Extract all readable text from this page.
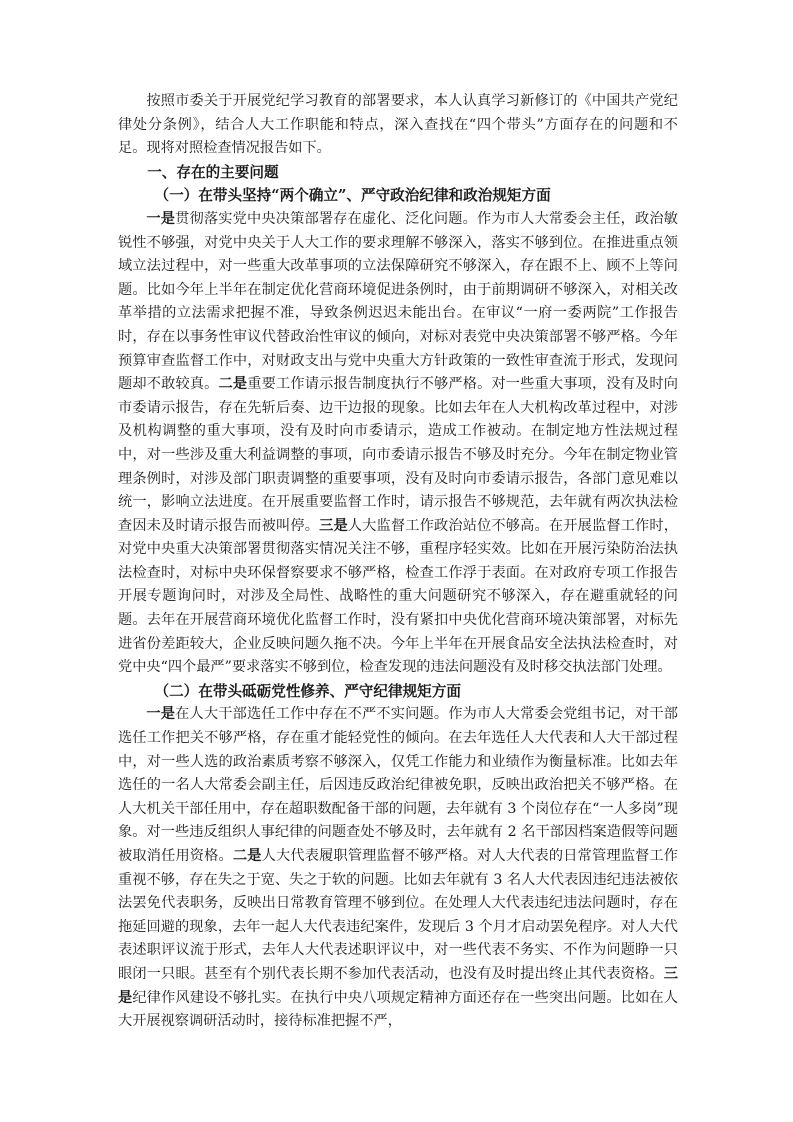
按照市委关于开展党纪学习教育的部署要求，本人认真学习新修订的《中国共产党纪律处分条例》，结合人大工作职能和特点，深入查找在“四个带头”方面存在的问题和不足。现将对照检查情况报告如下。

一、存在的主要问题
（一）在带头坚持“两个确立”、严守政治纪律和政治规矩方面

一是贯彻落实党中央决策部署存在虚化、泛化问题。作为市人大常委会主任，政治敏锐性不够强，对党中央关于人大工作的要求理解不够深入，落实不够到位。在推进重点领域立法过程中，对一些重大改革事项的立法保障研究不够深入，存在跟不上、顾不上等问题。比如今年上半年在制定优化营商环境促进条例时，由于前期调研不够深入，对相关改革举措的立法需求把握不准，导致条例迟迟未能出台。在审议“一府一委两院”工作报告时，存在以事务性审议代替政治性审议的倾向，对标对表党中央决策部署不够严格。今年预算审查监督工作中，对财政支出与党中央重大方针政策的一致性审查流于形式，发现问题却不敢较真。二是重要工作请示报告制度执行不够严格。对一些重大事项，没有及时向市委请示报告，存在先斩后奏、边干边报的现象。比如去年在人大机构改革过程中，对涉及机构调整的重大事项，没有及时向市委请示，造成工作被动。在制定地方性法规过程中，对一些涉及重大利益调整的事项，向市委请示报告不够及时充分。今年在制定物业管理条例时，对涉及部门职责调整的重要事项，没有及时向市委请示报告，各部门意见难以统一，影响立法进度。在开展重要监督工作时，请示报告不够规范，去年就有两次执法检查因未及时请示报告而被叫停。三是人大监督工作政治站位不够高。在开展监督工作时，对党中央重大决策部署贯彻落实情况关注不够，重程序轻实效。比如在开展污染防治法执法检查时，对标中央环保督察要求不够严格，检查工作浮于表面。在对政府专项工作报告开展专题询问时，对涉及全局性、战略性的重大问题研究不够深入，存在避重就轻的问题。去年在开展营商环境优化监督工作时，没有紧扣中央优化营商环境决策部署，对标先进省份差距较大，企业反映问题久拖不决。今年上半年在开展食品安全法执法检查时，对党中央“四个最严”要求落实不够到位，检查发现的违法问题没有及时移交执法部门处理。

（二）在带头砥砺党性修养、严守纪律规矩方面

一是在人大干部选任工作中存在不严不实问题。作为市人大常委会党组书记，对干部选任工作把关不够严格，存在重才能轻党性的倾向。在去年选任人大代表和人大干部过程中，对一些人选的政治素质考察不够深入，仅凭工作能力和业绩作为衡量标准。比如去年选任的一名人大常委会副主任，后因违反政治纪律被免职，反映出政治把关不够严格。在人大机关干部任用中，存在超职数配备干部的问题，去年就有 3 个岗位存在“一人多岗”现象。对一些违反组织人事纪律的问题查处不够及时，去年就有 2 名干部因档案造假等问题被取消任用资格。二是人大代表履职管理监督不够严格。对人大代表的日常管理监督工作重视不够，存在失之于宽、失之于软的问题。比如去年就有 3 名人大代表因违纪违法被依法罢免代表职务，反映出日常教育管理不够到位。在处理人大代表违纪违法问题时，存在拖延回避的现象，去年一起人大代表违纪案件，发现后 3 个月才启动罢免程序。对人大代表述职评议流于形式，去年人大代表述职评议中，对一些代表不务实、不作为问题睁一只眼闭一只眼。甚至有个别代表长期不参加代表活动，也没有及时提出终止其代表资格。三是纪律作风建设不够扎实。在执行中央八项规定精神方面还存在一些突出问题。比如在人大开展视察调研活动时，接待标准把握不严，
